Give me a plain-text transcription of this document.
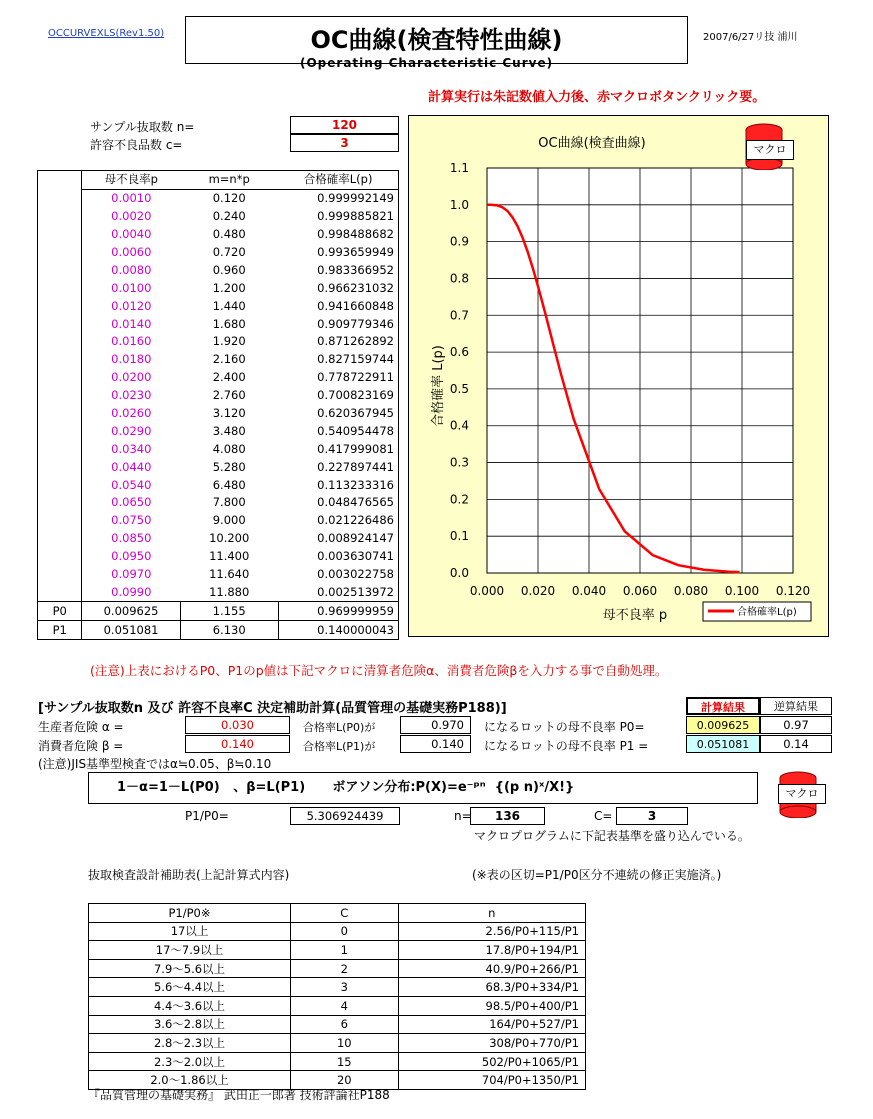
OCCURVEXLS(Rev1.50)	OC曲線(検査特性曲線)	2007/6/27リ技 浦川
(Operating Characteristic Curve)
計算実行は朱記数値入力後、赤マクロボタンクリック要。
サンプル抜取数 n=	120
許容不良品数 c=	3
	母不良率p	m=n*p	合格確率L(p)
	0.0010	0.120	0.999992149
	0.0020	0.240	0.999885821
	0.0040	0.480	0.998488682
	0.0060	0.720	0.993659949
	0.0080	0.960	0.983366952
	0.0100	1.200	0.966231032
	0.0120	1.440	0.941660848
	0.0140	1.680	0.909779346
	0.0160	1.920	0.871262892
	0.0180	2.160	0.827159744
	0.0200	2.400	0.778722911
	0.0230	2.760	0.700823169
	0.0260	3.120	0.620367945
	0.0290	3.480	0.540954478
	0.0340	4.080	0.417999081
	0.0440	5.280	0.227897441
	0.0540	6.480	0.113233316
	0.0650	7.800	0.048476565
	0.0750	9.000	0.021226486
	0.0850	10.200	0.008924147
	0.0950	11.400	0.003630741
	0.0970	11.640	0.003022758
	0.0990	11.880	0.002513972
P0	0.009625	1.155	0.969999959
P1	0.051081	6.130	0.140000043
OC曲線(検査曲線)
0.000 0.020 0.040 0.060 0.080 0.100 0.120
0.0
0.1
0.2
0.3
0.4
0.5
0.6
0.7
0.8
0.9
1.0
1.1
母不良率 p
合格確率 L(p)
合格確率L(p)
マクロ
(注意)上表におけるP0、P1のp値は下記マクロに清算者危険α、消費者危険βを入力する事で自動処理。
[サンプル抜取数n 及び 許容不良率C 決定補助計算(品質管理の基礎実務P188)]	計算結果	逆算結果
生産者危険 α =	0.030	合格率L(P0)が	0.970	になるロットの母不良率 P0=	0.009625	0.97
消費者危険 β =	0.140	合格率L(P1)が	0.140	になるロットの母不良率 P1 =	0.051081	0.14
(注意)JIS基準型検査ではα≒0.05、β≒0.10
1－α=1－L(P0)   、β=L(P1)      ボアソン分布:P(X)=e⁻ᵖⁿ  {(p n)ˣ/X!}	マクロ
P1/P0=	5.306924439	n=	136	C=	3
マクロプログラムに下記表基準を盛り込んでいる。
抜取検査設計補助表(上記計算式内容)	(※表の区切=P1/P0区分不連続の修正実施済。)
P1/P0※	C	n
17以上	0	2.56/P0+115/P1
17～7.9以上	1	17.8/P0+194/P1
7.9～5.6以上	2	40.9/P0+266/P1
5.6～4.4以上	3	68.3/P0+334/P1
4.4～3.6以上	4	98.5/P0+400/P1
3.6～2.8以上	6	164/P0+527/P1
2.8～2.3以上	10	308/P0+770/P1
2.3～2.0以上	15	502/P0+1065/P1
2.0～1.86以上	20	704/P0+1350/P1
『品質管理の基礎実務』 武田正一郎著 技術評論社P188
